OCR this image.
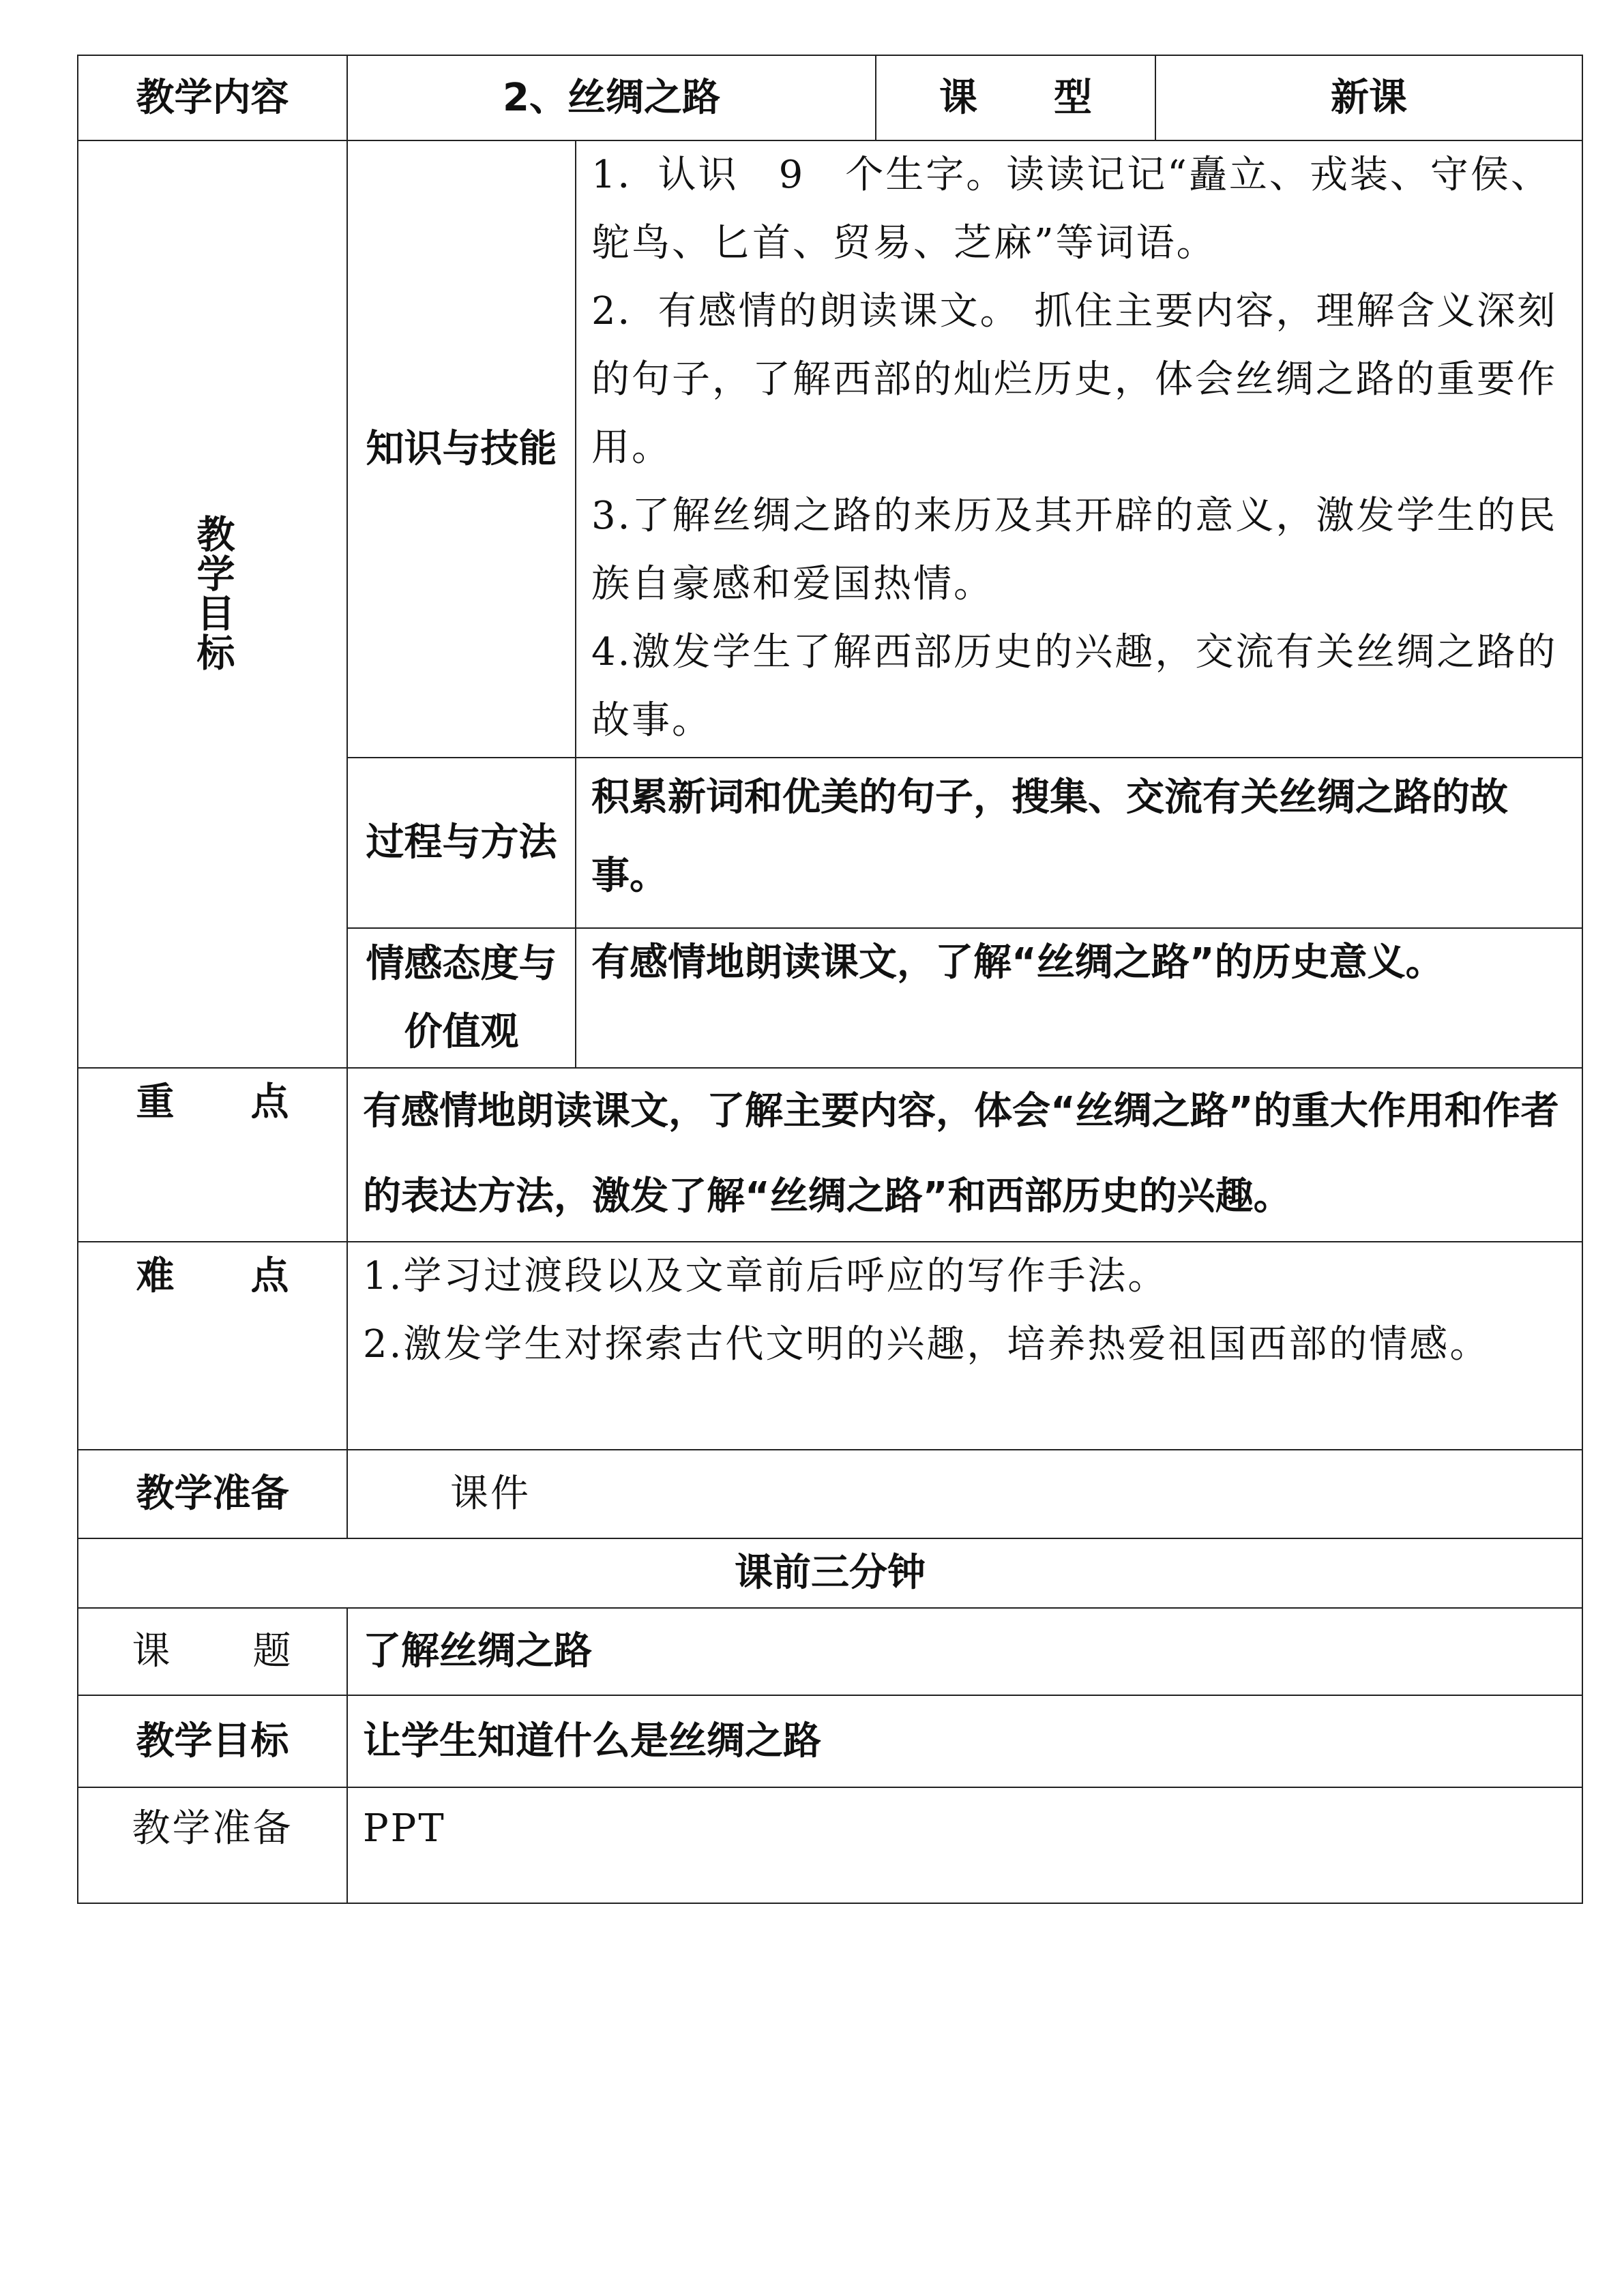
教学内容	2、丝绸之路		课　　型	新课
教学目标	知识与技能	1．认识　9　个生字。读读记记“矗立、戎装、守侯、鸵鸟、匕首、贸易、芝麻”等词语。

2．有感情的朗读课文。 抓住主要内容，理解含义深刻的句子，了解西部的灿烂历史，体会丝绸之路的重要作用。

3.了解丝绸之路的来历及其开辟的意义，激发学生的民族自豪感和爱国热情。

4.激发学生了解西部历史的兴趣，交流有关丝绸之路的故事。		

	过程与方法	积累新词和优美的句子，搜集、交流有关丝绸之路的故事。		
	情感态度与价值观	有感情地朗读课文，了解“丝绸之路”的历史意义。		
重　　点	有感情地朗读课文，了解主要内容，体会“丝绸之路”的重大作用和作者的表达方法，激发了解“丝绸之路”和西部历史的兴趣。			
难　　点	1.学习过渡段以及文章前后呼应的写作手法。

2.激发学生对探索古代文明的兴趣，培养热爱祖国西部的情感。			

教学准备	课件			
课前三分钟				
课　　题	了解丝绸之路			
教学目标	让学生知道什么是丝绸之路			
教学准备	PPT			
